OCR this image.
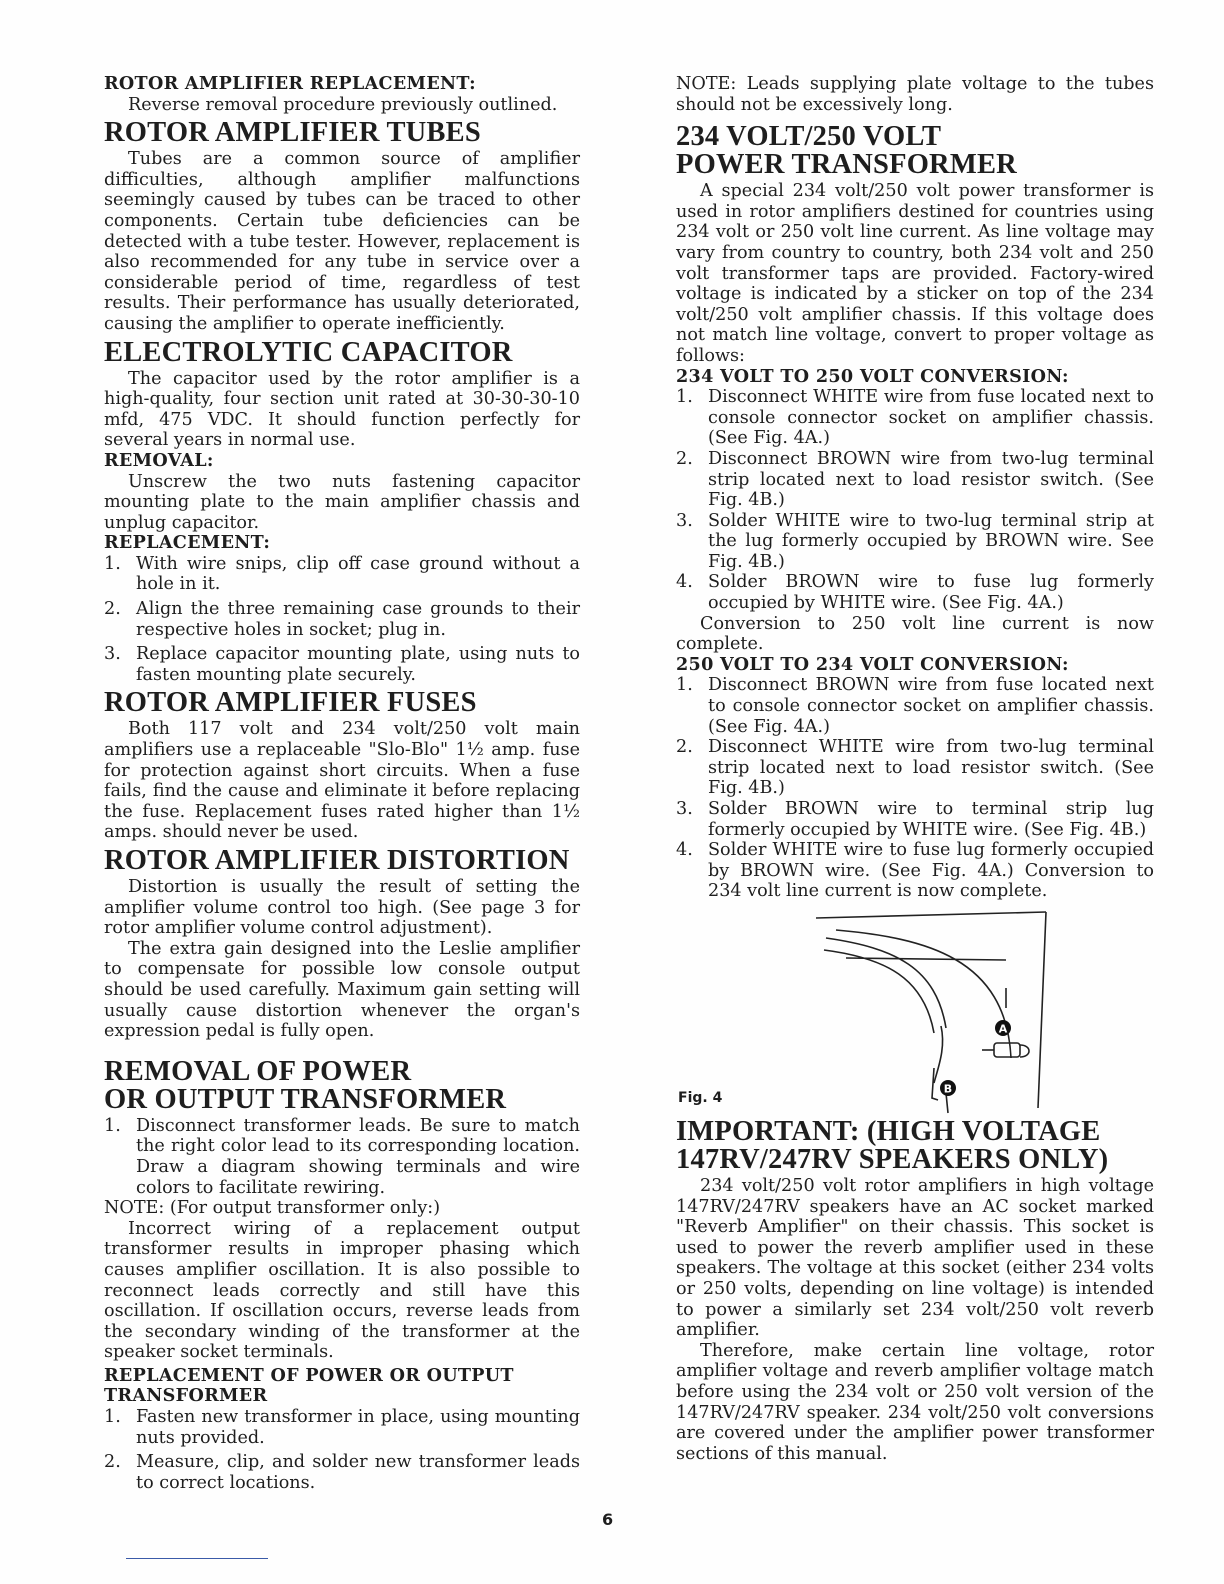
ROTOR AMPLIFIER REPLACEMENT:

Reverse removal procedure previously outlined.

ROTOR AMPLIFIER TUBES

Tubes are a common source of amplifier difficulties, although amplifier malfunctions seemingly caused by tubes can be traced to other components. Certain tube deficiencies can be detected with a tube tester. However, replacement is also recommended for any tube in service over a considerable period of time, regardless of test results. Their performance has usually deteriorated, causing the amplifier to operate inefficiently.

ELECTROLYTIC CAPACITOR

The capacitor used by the rotor amplifier is a high-quality, four section unit rated at 30-30-30-10 mfd, 475 VDC. It should function perfectly for several years in normal use.

REMOVAL:

Unscrew the two nuts fastening capacitor mounting plate to the main amplifier chassis and unplug capacitor.

REPLACEMENT:
1. With wire snips, clip off case ground without a hole in it.
2. Align the three remaining case grounds to their respective holes in socket; plug in.
3. Replace capacitor mounting plate, using nuts to fasten mounting plate securely.
ROTOR AMPLIFIER FUSES

Both 117 volt and 234 volt/250 volt main amplifiers use a replaceable "Slo-Blo" 1½ amp. fuse for protection against short circuits. When a fuse fails, find the cause and eliminate it before replacing the fuse. Replacement fuses rated higher than 1½ amps. should never be used.

ROTOR AMPLIFIER DISTORTION

Distortion is usually the result of setting the amplifier volume control too high. (See page 3 for rotor amplifier volume control adjustment).

The extra gain designed into the Leslie amplifier to compensate for possible low console output should be used carefully. Maximum gain setting will usually cause distortion whenever the organ's expression pedal is fully open.

REMOVAL OF POWER
OR OUTPUT TRANSFORMER
1. Disconnect transformer leads. Be sure to match the right color lead to its corresponding location. Draw a diagram showing terminals and wire colors to facilitate rewiring.

NOTE: (For output transformer only:)

Incorrect wiring of a replacement output transformer results in improper phasing which causes amplifier oscillation. It is also possible to reconnect leads correctly and still have this oscillation. If oscillation occurs, reverse leads from the secondary winding of the transformer at the speaker socket terminals.

REPLACEMENT OF POWER OR OUTPUT TRANSFORMER
1. Fasten new transformer in place, using mounting nuts provided.
2. Measure, clip, and solder new transformer leads to correct locations.

NOTE: Leads supplying plate voltage to the tubes should not be excessively long.

234 VOLT/250 VOLT
POWER TRANSFORMER

A special 234 volt/250 volt power transformer is used in rotor amplifiers destined for countries using 234 volt or 250 volt line current. As line voltage may vary from country to country, both 234 volt and 250 volt transformer taps are provided. Factory-wired voltage is indicated by a sticker on top of the 234 volt/250 volt amplifier chassis. If this voltage does not match line voltage, convert to proper voltage as follows:

234 VOLT TO 250 VOLT CONVERSION:
1. Disconnect WHITE wire from fuse located next to console connector socket on amplifier chassis. (See Fig. 4A.)
2. Disconnect BROWN wire from two-lug terminal strip located next to load resistor switch. (See Fig. 4B.)
3. Solder WHITE wire to two-lug terminal strip at the lug formerly occupied by BROWN wire. See Fig. 4B.)
4. Solder BROWN wire to fuse lug formerly occupied by WHITE wire. (See Fig. 4A.)

Conversion to 250 volt line current is now complete.

250 VOLT TO 234 VOLT CONVERSION:
1. Disconnect BROWN wire from fuse located next to console connector socket on amplifier chassis. (See Fig. 4A.)
2. Disconnect WHITE wire from two-lug terminal strip located next to load resistor switch. (See Fig. 4B.)
3. Solder BROWN wire to terminal strip lug formerly occupied by WHITE wire. (See Fig. 4B.)
4. Solder WHITE wire to fuse lug formerly occupied by BROWN wire. (See Fig. 4A.) Conversion to 234 volt line current is now complete.
A
B
Fig. 4
IMPORTANT: (HIGH VOLTAGE
147RV/247RV SPEAKERS ONLY)

234 volt/250 volt rotor amplifiers in high voltage 147RV/247RV speakers have an AC socket marked "Reverb Amplifier" on their chassis. This socket is used to power the reverb amplifier used in these speakers. The voltage at this socket (either 234 volts or 250 volts, depending on line voltage) is intended to power a similarly set 234 volt/250 volt reverb amplifier.

Therefore, make certain line voltage, rotor amplifier voltage and reverb amplifier voltage match before using the 234 volt or 250 volt version of the 147RV/247RV speaker. 234 volt/250 volt conversions are covered under the amplifier power transformer sections of this manual.

6
